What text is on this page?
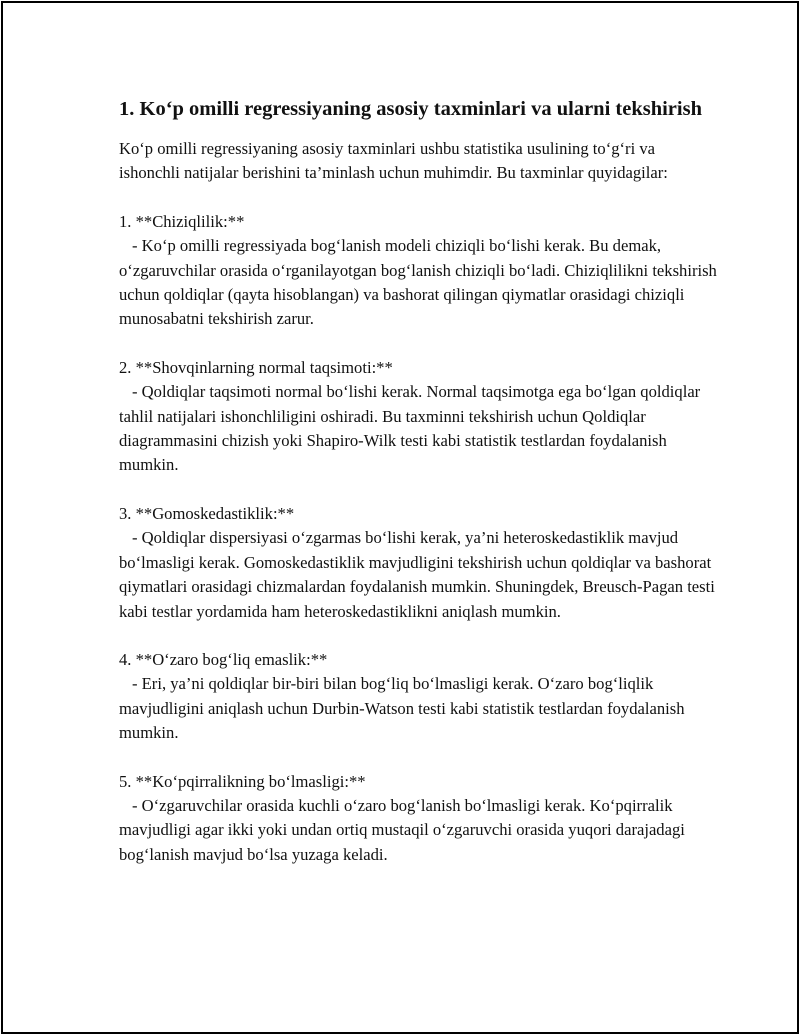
1. Ko‘p omilli regressiyaning asosiy taxminlari va ularni tekshirish

Ko‘p omilli regressiyaning asosiy taxminlari ushbu statistika usulining to‘g‘ri va ishonchli natijalar berishini ta’minlash uchun muhimdir. Bu taxminlar quyidagilar:

1. **Chiziqlilik:**

- Ko‘p omilli regressiyada bog‘lanish modeli chiziqli bo‘lishi kerak. Bu demak, o‘zgaruvchilar orasida o‘rganilayotgan bog‘lanish chiziqli bo‘ladi. Chiziqlilikni tekshirish uchun qoldiqlar (qayta hisoblangan) va bashorat qilingan qiymatlar orasidagi chiziqli munosabatni tekshirish zarur.

2. **Shovqinlarning normal taqsimoti:**

- Qoldiqlar taqsimoti normal bo‘lishi kerak. Normal taqsimotga ega bo‘lgan qoldiqlar tahlil natijalari ishonchliligini oshiradi. Bu taxminni tekshirish uchun Qoldiqlar diagrammasini chizish yoki Shapiro-Wilk testi kabi statistik testlardan foydalanish mumkin.

3. **Gomoskedastiklik:**

- Qoldiqlar dispersiyasi o‘zgarmas bo‘lishi kerak, ya’ni heteroskedastiklik mavjud bo‘lmasligi kerak. Gomoskedastiklik mavjudligini tekshirish uchun qoldiqlar va bashorat qiymatlari orasidagi chizmalardan foydalanish mumkin. Shuningdek, Breusch-Pagan testi kabi testlar yordamida ham heteroskedastiklikni aniqlash mumkin.

4. **O‘zaro bog‘liq emaslik:**

- Eri, ya’ni qoldiqlar bir-biri bilan bog‘liq bo‘lmasligi kerak. O‘zaro bog‘liqlik mavjudligini aniqlash uchun Durbin-Watson testi kabi statistik testlardan foydalanish mumkin.

5. **Ko‘pqirralikning bo‘lmasligi:**

- O‘zgaruvchilar orasida kuchli o‘zaro bog‘lanish bo‘lmasligi kerak. Ko‘pqirralik mavjudligi agar ikki yoki undan ortiq mustaqil o‘zgaruvchi orasida yuqori darajadagi bog‘lanish mavjud bo‘lsa yuzaga keladi.
